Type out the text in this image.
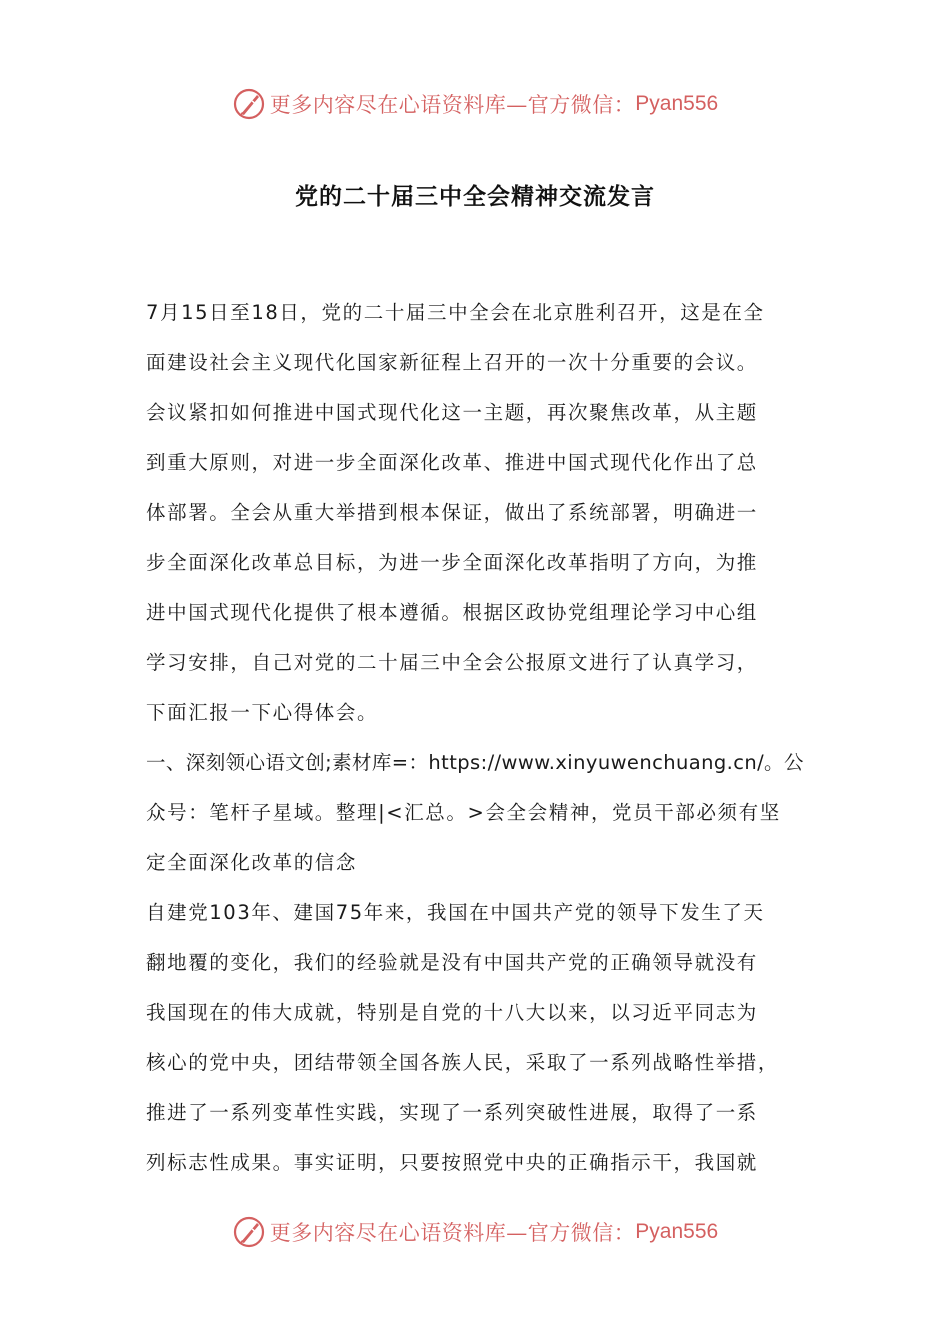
更多内容尽在心语资料库—官方微信： Pyan556
党的二十届三中全会精神交流发言
7月15日至18日，党的二十届三中全会在北京胜利召开，这是在全
面建设社会主义现代化国家新征程上召开的一次十分重要的会议。
会议紧扣如何推进中国式现代化这一主题，再次聚焦改革，从主题
到重大原则，对进一步全面深化改革、推进中国式现代化作出了总
体部署。全会从重大举措到根本保证，做出了系统部署，明确进一
步全面深化改革总目标，为进一步全面深化改革指明了方向，为推
进中国式现代化提供了根本遵循。根据区政协党组理论学习中心组
学习安排，自己对党的二十届三中全会公报原文进行了认真学习，
下面汇报一下心得体会。
一、深刻领心语文创;素材库=：https://www.xinyuwenchuang.cn/。公
众号：笔杆子星域。整理|<汇总。>会全会精神，党员干部必须有坚
定全面深化改革的信念
自建党103年、建国75年来，我国在中国共产党的领导下发生了天
翻地覆的变化，我们的经验就是没有中国共产党的正确领导就没有
我国现在的伟大成就，特别是自党的十八大以来，以习近平同志为
核心的党中央，团结带领全国各族人民，采取了一系列战略性举措，
推进了一系列变革性实践，实现了一系列突破性进展，取得了一系
列标志性成果。事实证明，只要按照党中央的正确指示干，我国就
更多内容尽在心语资料库—官方微信： Pyan556
